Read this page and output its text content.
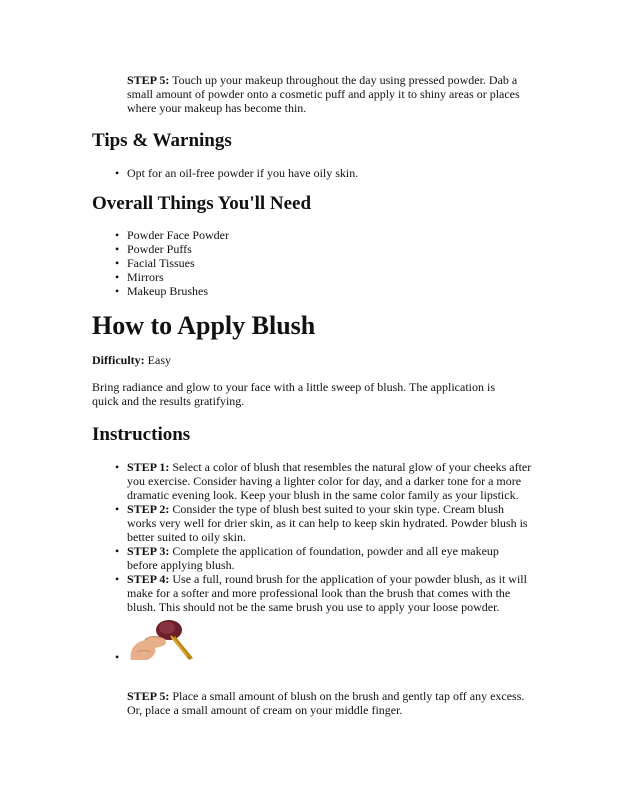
STEP 5: Touch up your makeup throughout the day using pressed powder. Dab a small amount of powder onto a cosmetic puff and apply it to shiny areas or places where your makeup has become thin.

Tips & Warnings
• Opt for an oil-free powder if you have oily skin.
Overall Things You'll Need
• Powder Face Powder
• Powder Puffs
• Facial Tissues
• Mirrors
• Makeup Brushes
How to Apply Blush

Difficulty: Easy

Bring radiance and glow to your face with a little sweep of blush. The application is quick and the results gratifying.

Instructions
• STEP 1: Select a color of blush that resembles the natural glow of your cheeks after you exercise. Consider having a lighter color for day, and a darker tone for a more dramatic evening look. Keep your blush in the same color family as your lipstick.
• STEP 2: Consider the type of blush best suited to your skin type. Cream blush works very well for drier skin, as it can help to keep skin hydrated. Powder blush is better suited to oily skin.
• STEP 3: Complete the application of foundation, powder and all eye makeup before applying blush.
• STEP 4: Use a full, round brush for the application of your powder blush, as it will make for a softer and more professional look than the brush that comes with the blush. This should not be the same brush you use to apply your loose powder.
•

STEP 5: Place a small amount of blush on the brush and gently tap off any excess. Or, place a small amount of cream on your middle finger.
